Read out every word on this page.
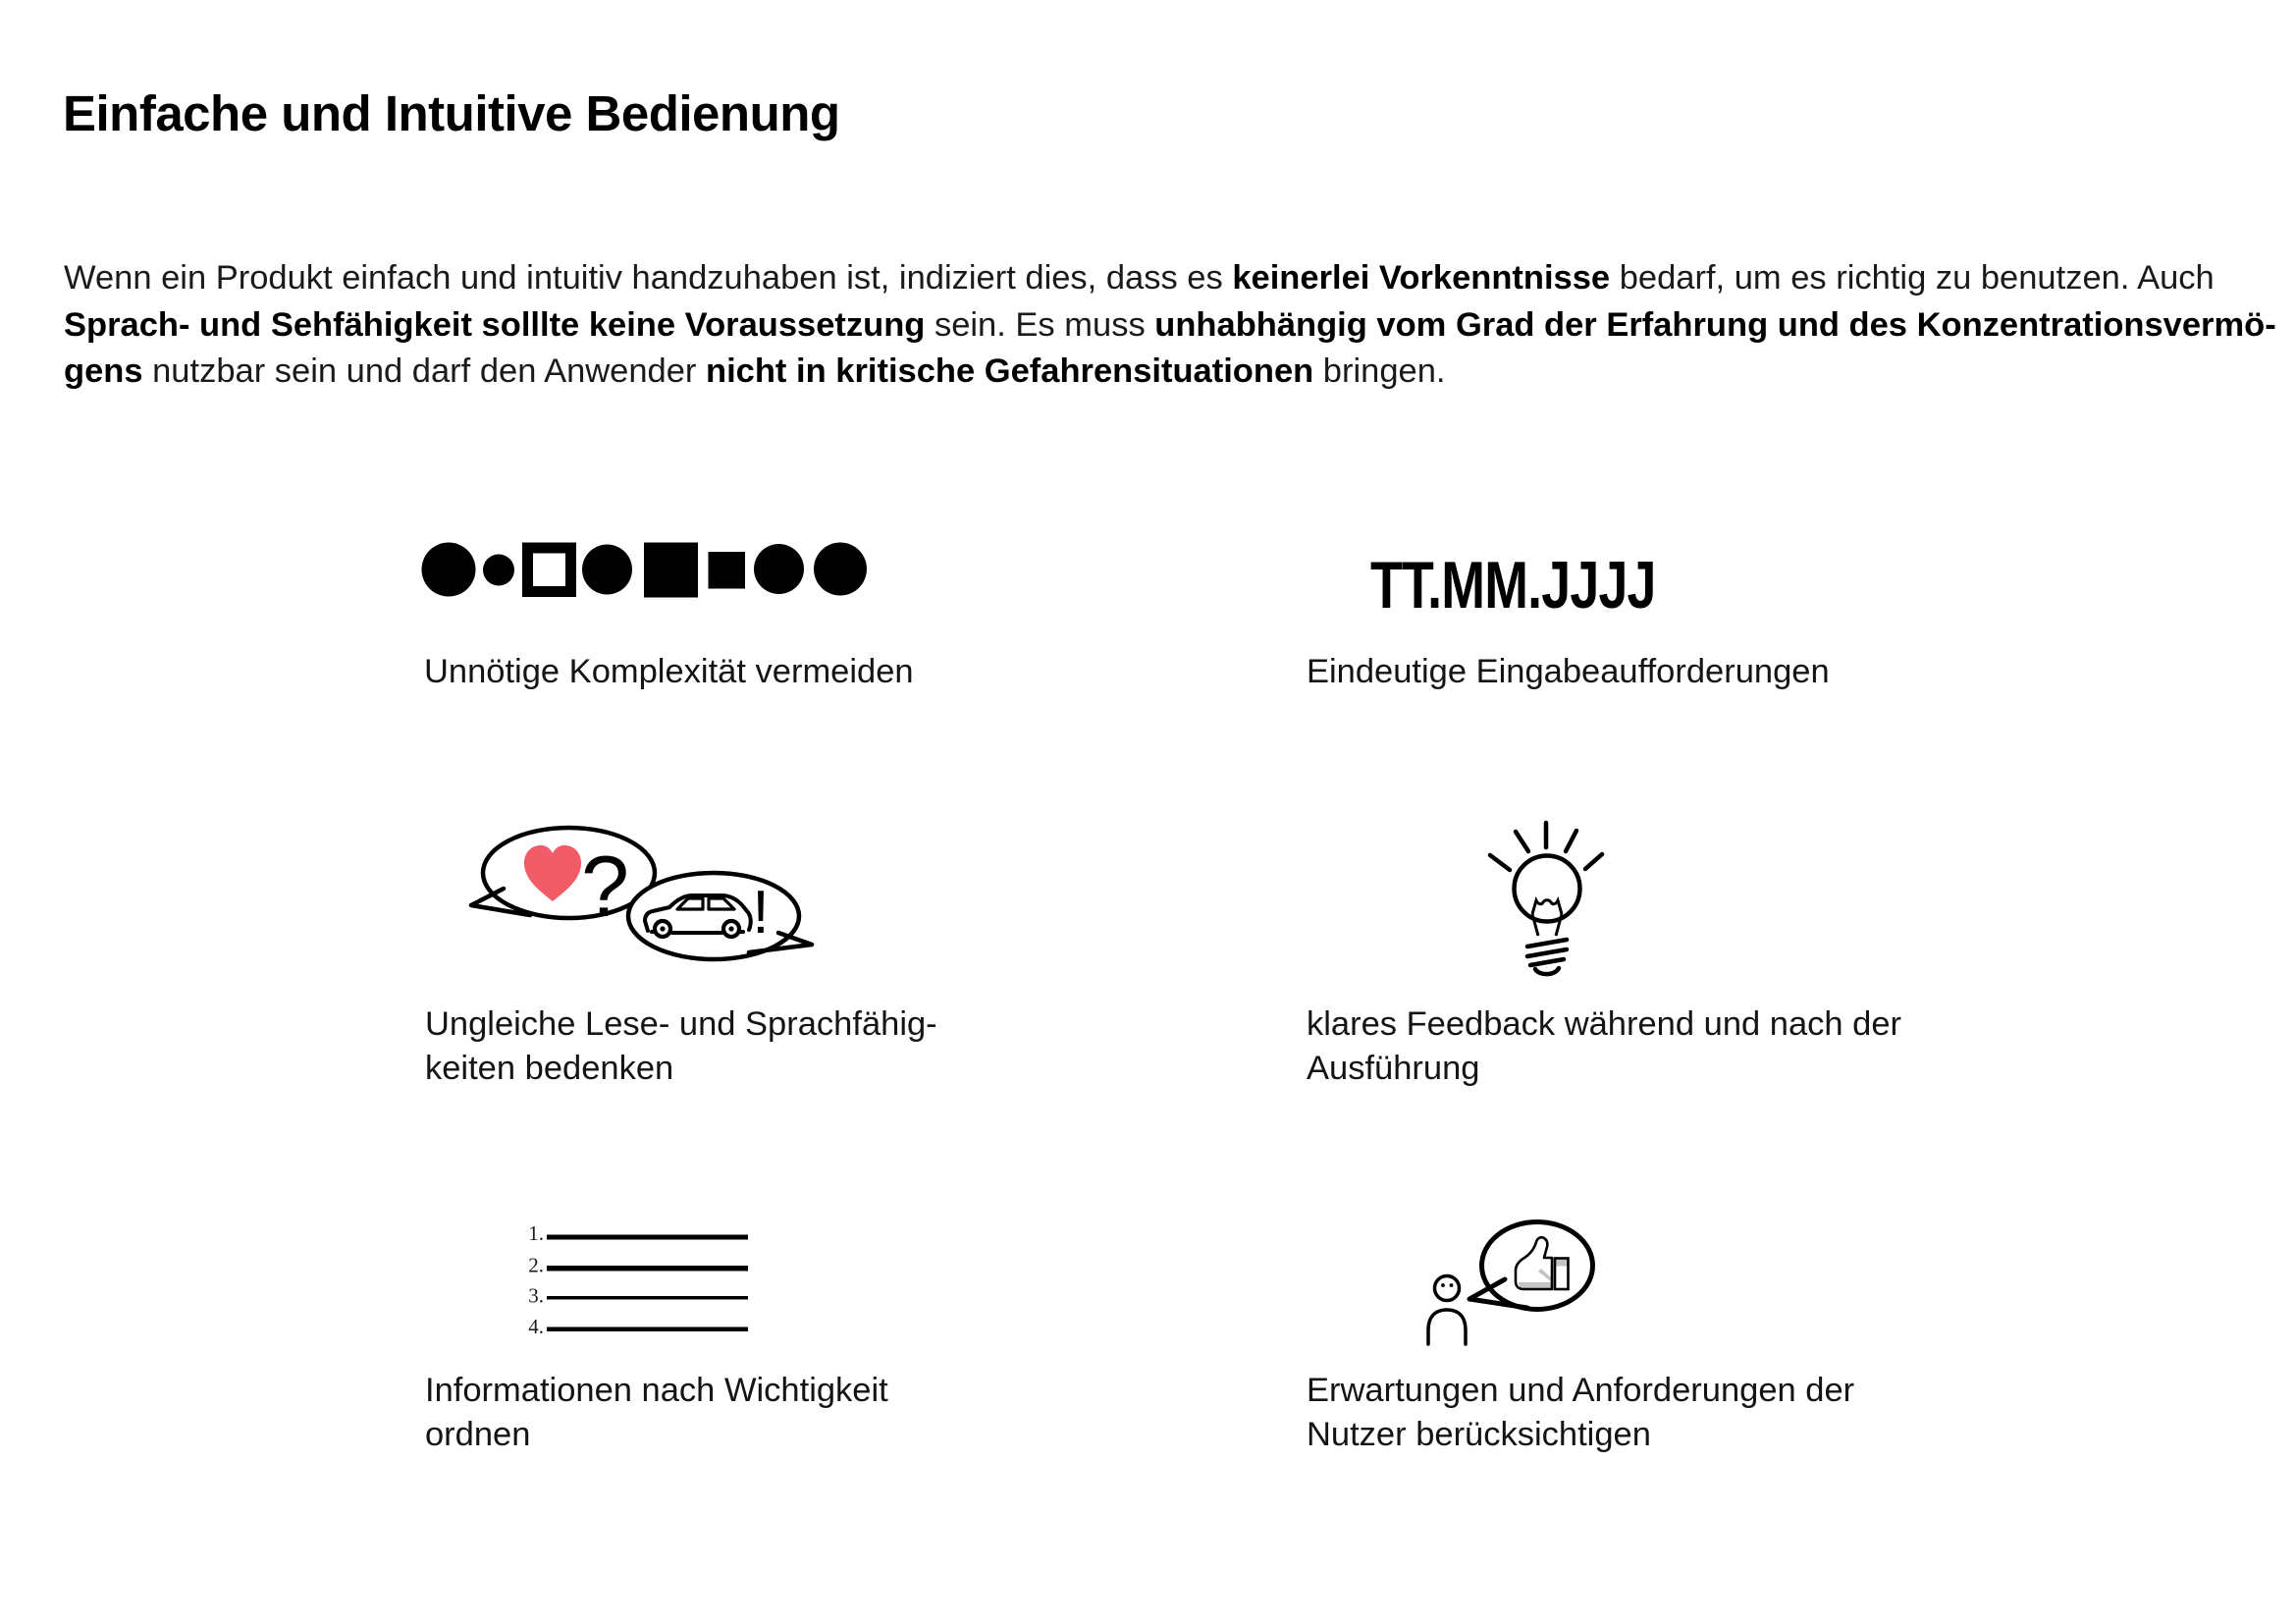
Einfache und Intuitive Bedienung
Wenn ein Produkt einfach und intuitiv handzuhaben ist, indiziert dies, dass es keinerlei Vorkenntnisse bedarf, um es richtig zu benutzen. Auch
Sprach- und Sehfähigkeit solllte keine Voraussetzung sein. Es muss unhabhängig vom Grad der Erfahrung und des Konzentrationsvermö-
gens nutzbar sein und darf den Anwender nicht in kritische Gefahrensituationen bringen.
Unnötige Komplexität vermeiden
TT.MM.JJJJ
Eindeutige Eingabeaufforderungen
? !
Ungleiche Lese- und Sprachfähig-
keiten bedenken
klares Feedback während und nach der
Ausführung
1.
2.
3.
4.
Informationen nach Wichtigkeit
ordnen
Erwartungen und Anforderungen der
Nutzer berücksichtigen
